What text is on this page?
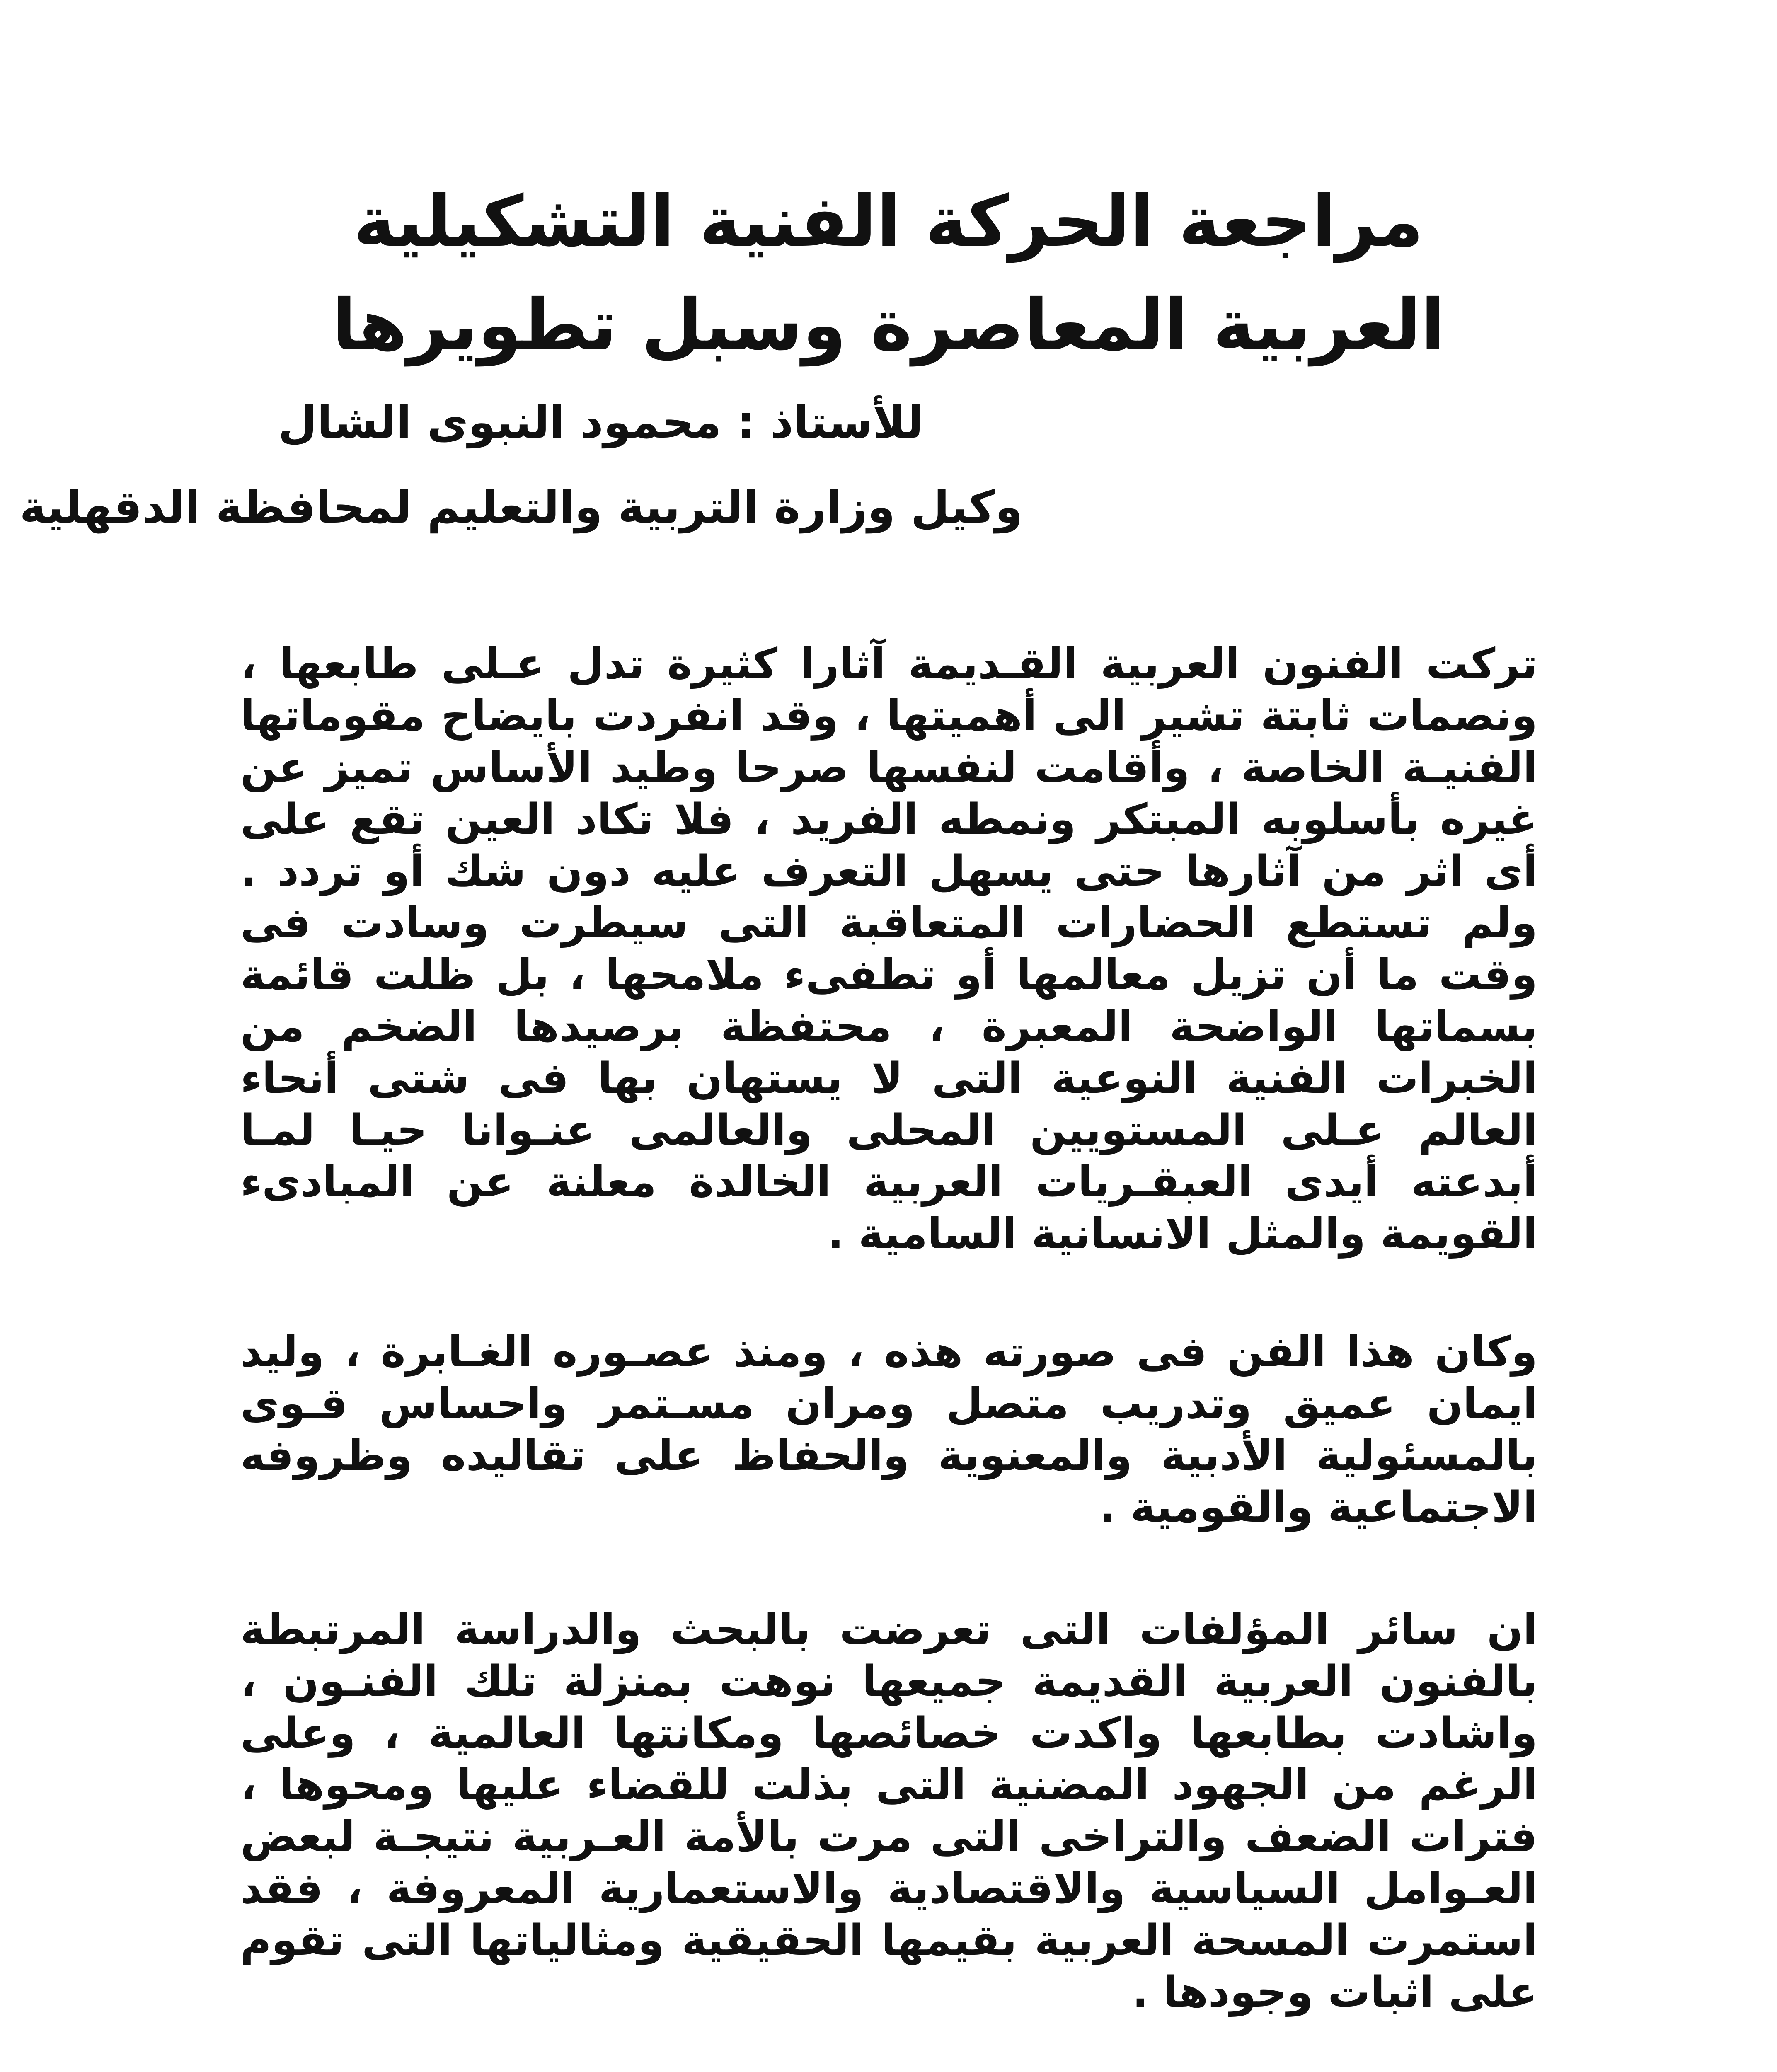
مراجعة الحركة الفنية التشكيلية

العربية المعاصرة وسبل تطويرها

للأستاذ : محمود النبوى الشال

وكيل وزارة التربية والتعليم لمحافظة الدقهلية

تركت الفنون العربية القـديمة آثارا كثيرة تدل عـلى طابعها ، ونصمات ثابتة تشير الى أهميتها ، وقد انفردت بايضاح مقوماتها الفنيـة الخاصة ، وأقامت لنفسها صرحا وطيد الأساس تميز عن غيره بأسلوبه المبتكر ونمطه الفريد ، فلا تكاد العين تقع على أى اثر من آثارها حتى يسهل التعرف عليه دون شك أو تردد . ولم تستطع الحضارات المتعاقبة التى سيطرت وسادت فى وقت ما أن تزيل معالمها أو تطفىء ملامحها ، بل ظلت قائمة بسماتها الواضحة المعبرة ، محتفظة برصيدها الضخم من الخبرات الفنية النوعية التى لا يستهان بها فى شتى أنحاء العالم عـلى المستويين المحلى والعالمى عنـوانا حيـا لمـا أبدعته أيدى العبقـريات العربية الخالدة معلنة عن المبادىء القويمة والمثل الانسانية السامية .

وكان هذا الفن فى صورته هذه ، ومنذ عصـوره الغـابرة ، وليد ايمان عميق وتدريب متصل ومران مسـتمر واحساس قـوى بالمسئولية الأدبية والمعنوية والحفاظ على تقاليده وظروفه الاجتماعية والقومية .

ان سائر المؤلفات التى تعرضت بالبحث والدراسة المرتبطة بالفنون العربية القديمة جميعها نوهت بمنزلة تلك الفنـون ، واشادت بطابعها واكدت خصائصها ومكانتها العالمية ، وعلى الرغم من الجهود المضنية التى بذلت للقضاء عليها ومحوها ، فترات الضعف والتراخى التى مرت بالأمة العـربية نتيجـة لبعض العـوامل السياسية والاقتصادية والاستعمارية المعروفة ، فقد استمرت المسحة العربية بقيمها الحقيقية ومثالياتها التى تقوم على اثبات وجودها .
